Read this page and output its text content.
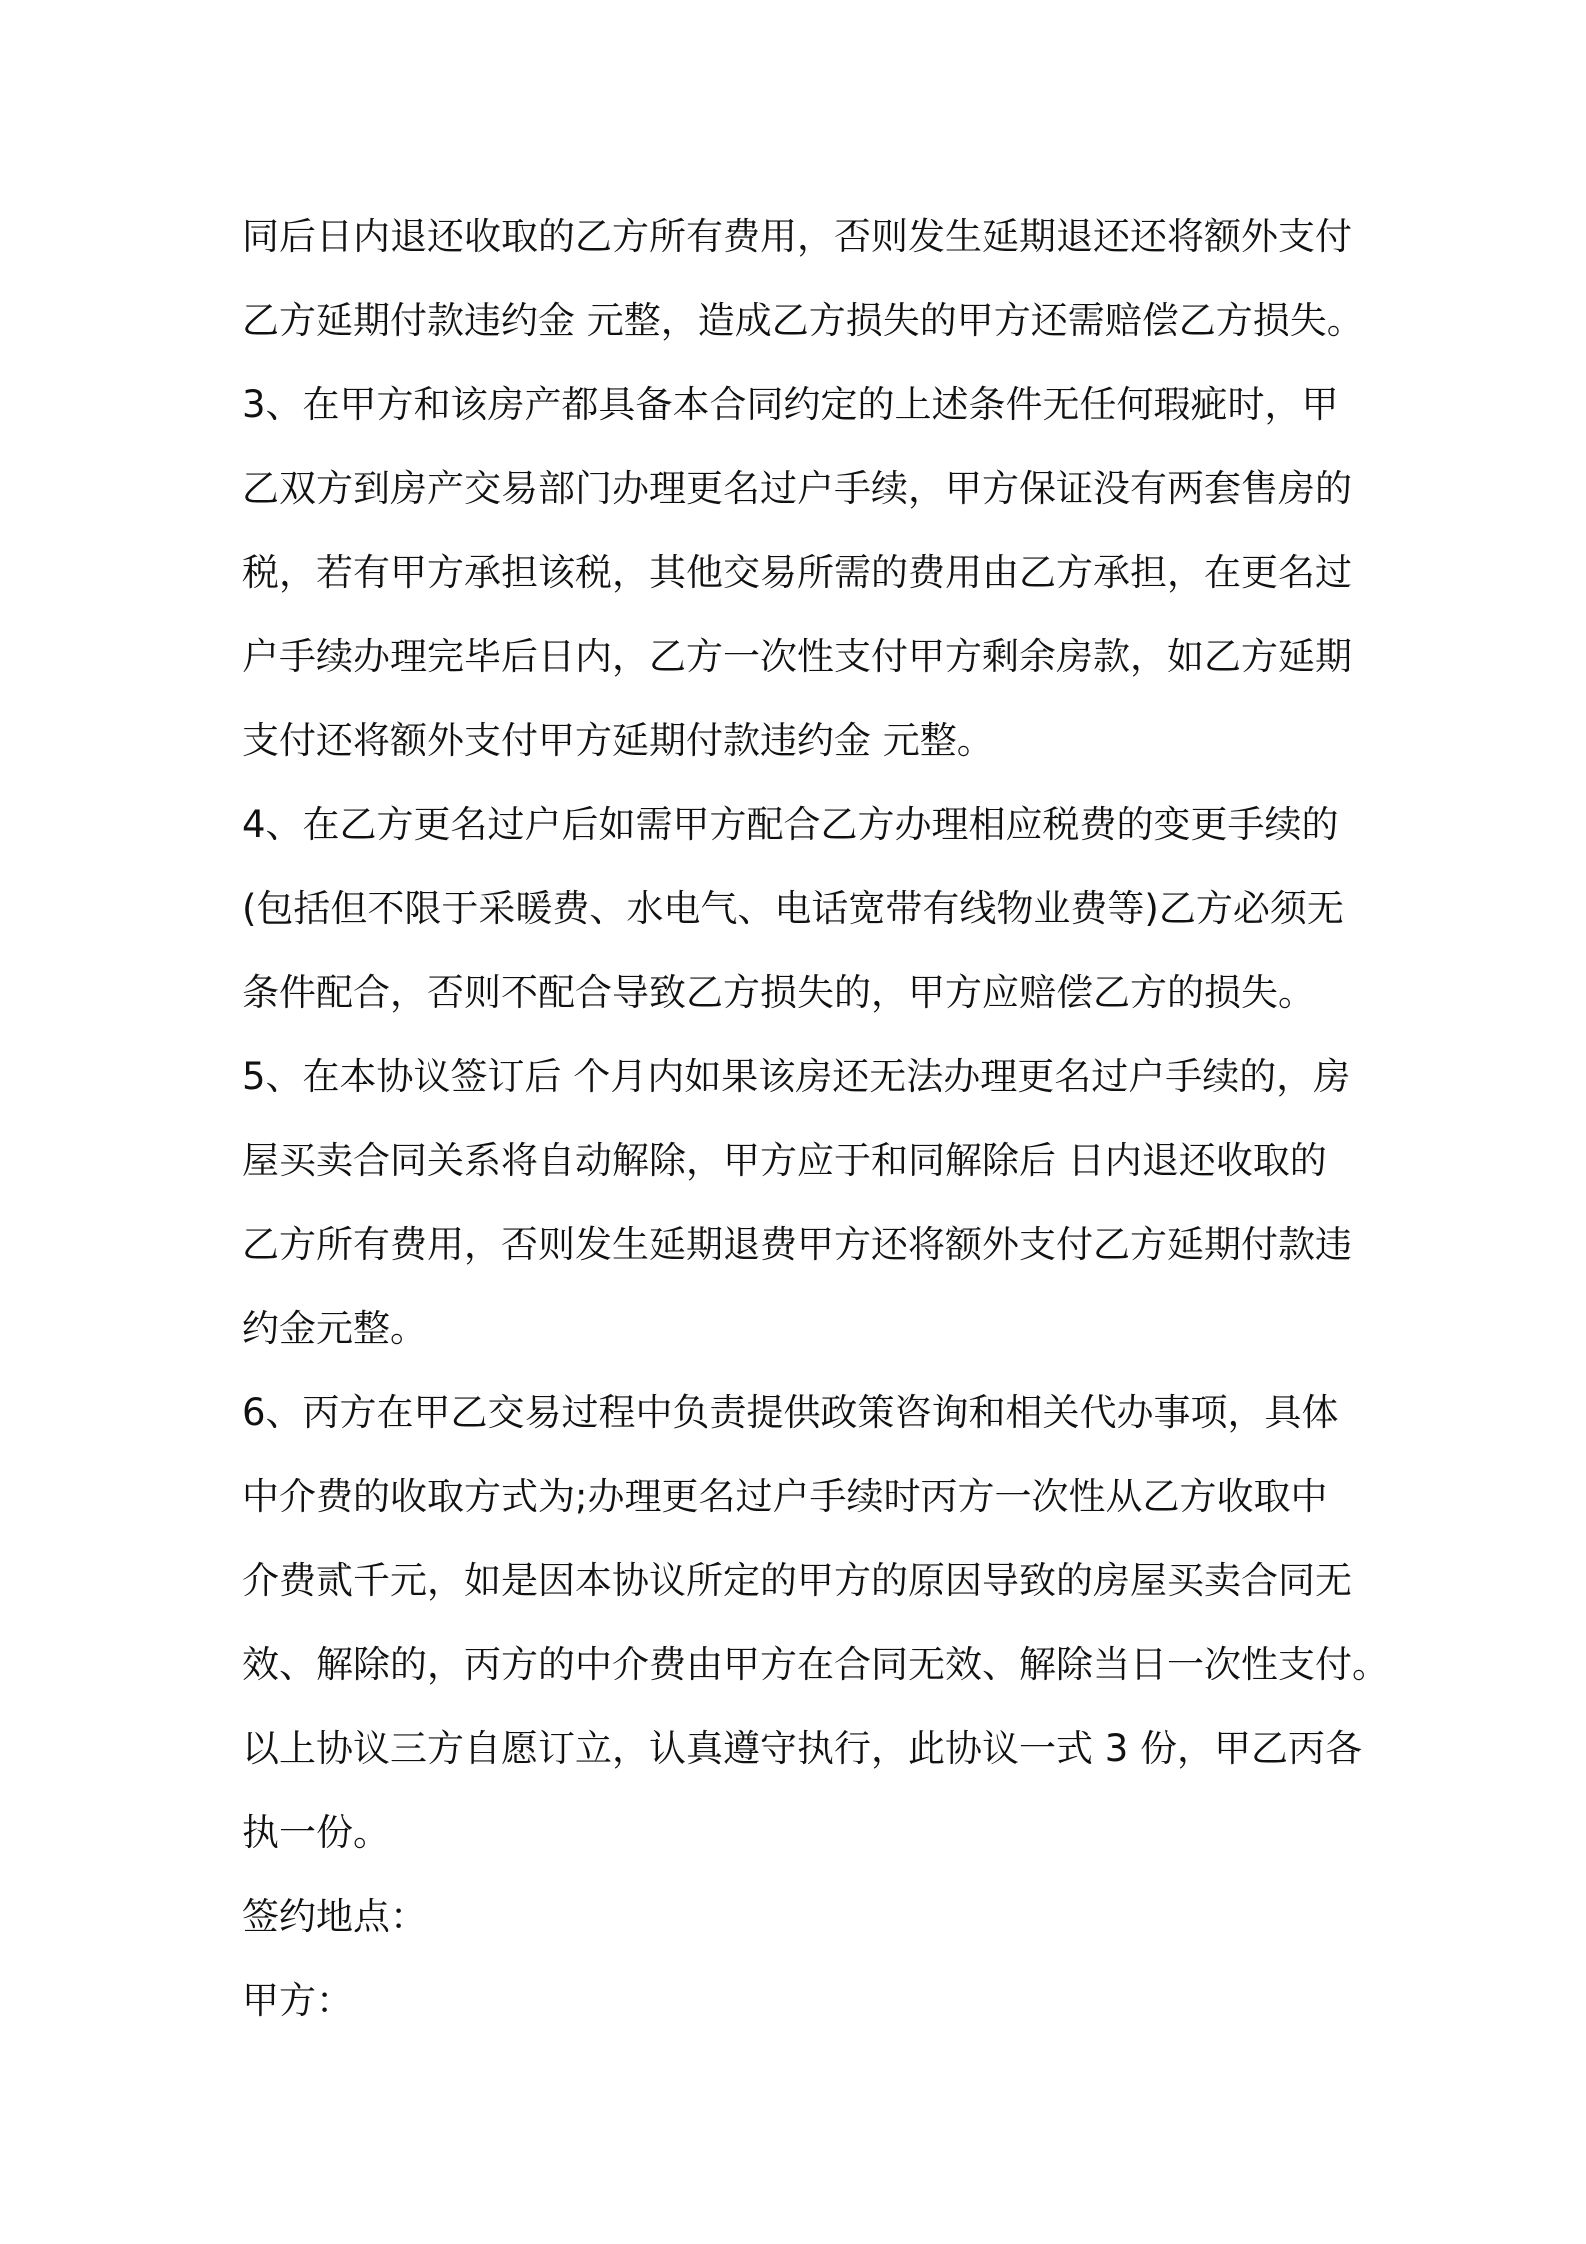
同后日内退还收取的乙方所有费用，否则发生延期退还还将额外支付
乙方延期付款违约金 元整，造成乙方损失的甲方还需赔偿乙方损失。
3、在甲方和该房产都具备本合同约定的上述条件无任何瑕疵时，甲
乙双方到房产交易部门办理更名过户手续，甲方保证没有两套售房的
税，若有甲方承担该税，其他交易所需的费用由乙方承担，在更名过
户手续办理完毕后日内，乙方一次性支付甲方剩余房款，如乙方延期
支付还将额外支付甲方延期付款违约金 元整。
4、在乙方更名过户后如需甲方配合乙方办理相应税费的变更手续的
(包括但不限于采暖费、水电气、电话宽带有线物业费等)乙方必须无
条件配合，否则不配合导致乙方损失的，甲方应赔偿乙方的损失。
5、在本协议签订后 个月内如果该房还无法办理更名过户手续的，房
屋买卖合同关系将自动解除，甲方应于和同解除后 日内退还收取的
乙方所有费用，否则发生延期退费甲方还将额外支付乙方延期付款违
约金元整。
6、丙方在甲乙交易过程中负责提供政策咨询和相关代办事项，具体
中介费的收取方式为;办理更名过户手续时丙方一次性从乙方收取中
介费贰千元，如是因本协议所定的甲方的原因导致的房屋买卖合同无
效、解除的，丙方的中介费由甲方在合同无效、解除当日一次性支付。
以上协议三方自愿订立，认真遵守执行，此协议一式 3 份，甲乙丙各
执一份。
签约地点：
甲方：
